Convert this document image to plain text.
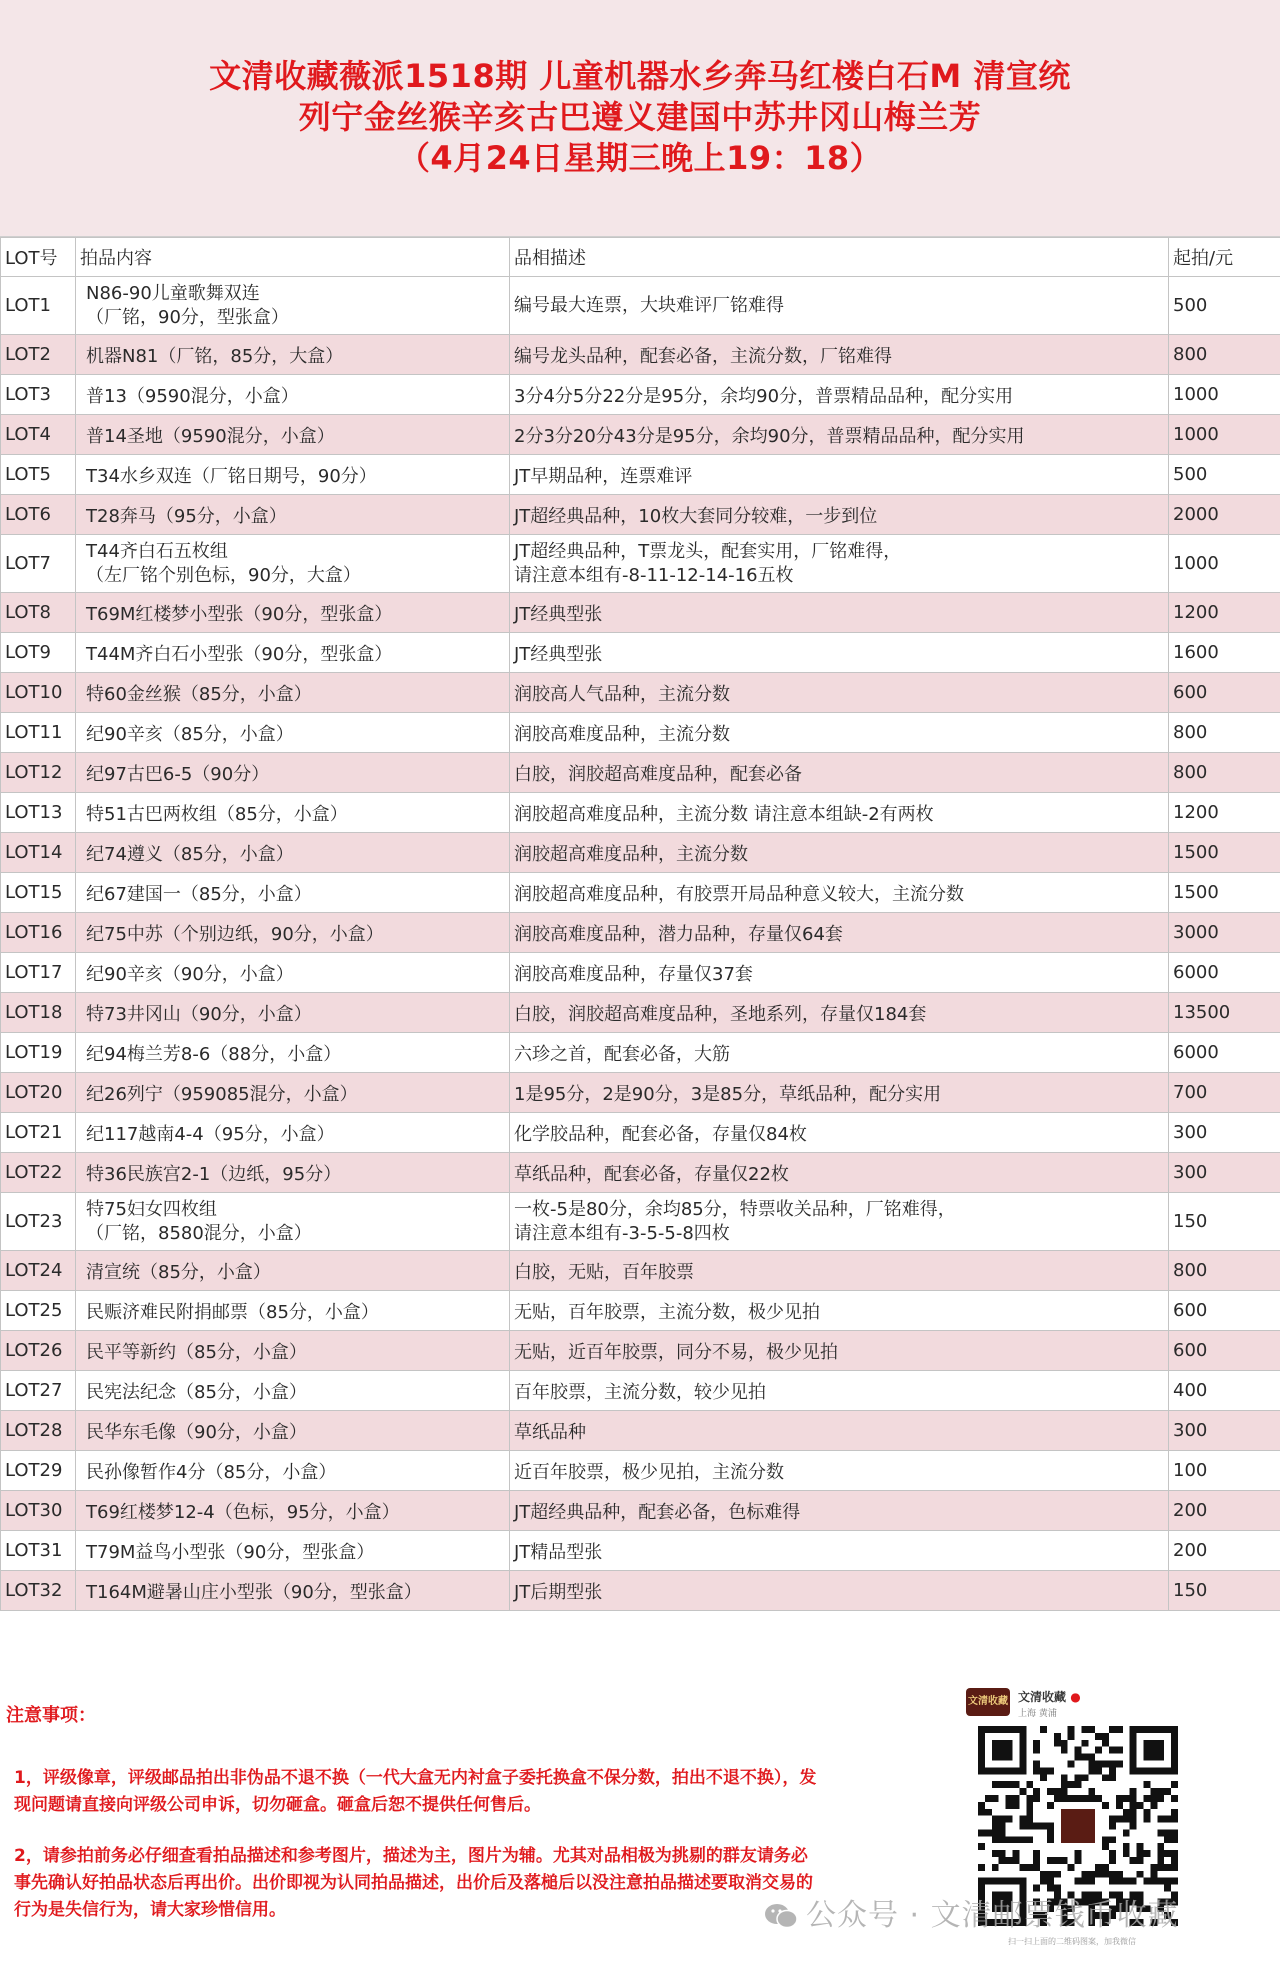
文清收藏薇派1518期 儿童机器水乡奔马红楼白石M 清宣统
列宁金丝猴辛亥古巴遵义建国中苏井冈山梅兰芳
（4月24日星期三晚上19：18）
LOT号	拍品内容	品相描述	起拍/元
LOT1	N86-90儿童歌舞双连
（厂铭，90分，型张盒）	编号最大连票，大块难评厂铭难得	500
LOT2	机器N81（厂铭，85分，大盒）	编号龙头品种，配套必备，主流分数，厂铭难得	800
LOT3	普13（9590混分，小盒）	3分4分5分22分是95分，余均90分，普票精品品种，配分实用	1000
LOT4	普14圣地（9590混分，小盒）	2分3分20分43分是95分，余均90分，普票精品品种，配分实用	1000
LOT5	T34水乡双连（厂铭日期号，90分）	JT早期品种，连票难评	500
LOT6	T28奔马（95分，小盒）	JT超经典品种，10枚大套同分较难，一步到位	2000
LOT7	T44齐白石五枚组
（左厂铭个别色标，90分，大盒）	JT超经典品种，T票龙头，配套实用，厂铭难得，
请注意本组有-8-11-12-14-16五枚	1000
LOT8	T69M红楼梦小型张（90分，型张盒）	JT经典型张	1200
LOT9	T44M齐白石小型张（90分，型张盒）	JT经典型张	1600
LOT10	特60金丝猴（85分，小盒）	润胶高人气品种，主流分数	600
LOT11	纪90辛亥（85分，小盒）	润胶高难度品种，主流分数	800
LOT12	纪97古巴6-5（90分）	白胶，润胶超高难度品种，配套必备	800
LOT13	特51古巴两枚组（85分，小盒）	润胶超高难度品种，主流分数 请注意本组缺-2有两枚	1200
LOT14	纪74遵义（85分，小盒）	润胶超高难度品种，主流分数	1500
LOT15	纪67建国一（85分，小盒）	润胶超高难度品种，有胶票开局品种意义较大，主流分数	1500
LOT16	纪75中苏（个别边纸，90分，小盒）	润胶高难度品种，潜力品种，存量仅64套	3000
LOT17	纪90辛亥（90分，小盒）	润胶高难度品种，存量仅37套	6000
LOT18	特73井冈山（90分，小盒）	白胶，润胶超高难度品种，圣地系列，存量仅184套	13500
LOT19	纪94梅兰芳8-6（88分，小盒）	六珍之首，配套必备，大筋	6000
LOT20	纪26列宁（959085混分，小盒）	1是95分，2是90分，3是85分，草纸品种，配分实用	700
LOT21	纪117越南4-4（95分，小盒）	化学胶品种，配套必备，存量仅84枚	300
LOT22	特36民族宫2-1（边纸，95分）	草纸品种，配套必备，存量仅22枚	300
LOT23	特75妇女四枚组
（厂铭，8580混分，小盒）	一枚-5是80分，余均85分，特票收关品种，厂铭难得，
请注意本组有-3-5-5-8四枚	150
LOT24	清宣统（85分，小盒）	白胶，无贴，百年胶票	800
LOT25	民赈济难民附捐邮票（85分，小盒）	无贴，百年胶票，主流分数，极少见拍	600
LOT26	民平等新约（85分，小盒）	无贴，近百年胶票，同分不易，极少见拍	600
LOT27	民宪法纪念（85分，小盒）	百年胶票，主流分数，较少见拍	400
LOT28	民华东毛像（90分，小盒）	草纸品种	300
LOT29	民孙像暂作4分（85分，小盒）	近百年胶票，极少见拍，主流分数	100
LOT30	T69红楼梦12-4（色标，95分，小盒）	JT超经典品种，配套必备，色标难得	200
LOT31	T79M益鸟小型张（90分，型张盒）	JT精品型张	200
LOT32	T164M避暑山庄小型张（90分，型张盒）	JT后期型张	150
注意事项：
1，评级像章，评级邮品拍出非伪品不退不换（一代大盒无内衬盒子委托换盒不保分数，拍出不退不换），发现问题请直接向评级公司申诉，切勿砸盒。砸盒后恕不提供任何售后。
2，请参拍前务必仔细查看拍品描述和参考图片，描述为主，图片为辅。尤其对品相极为挑剔的群友请务必事先确认好拍品状态后再出价。出价即视为认同拍品描述，出价后及落槌后以没注意拍品描述要取消交易的行为是失信行为，请大家珍惜信用。
文清收藏 文清收藏 ●
上海 黄浦
扫一扫上面的二维码图案，加我微信
公众号 · 文清邮票钱币收藏
